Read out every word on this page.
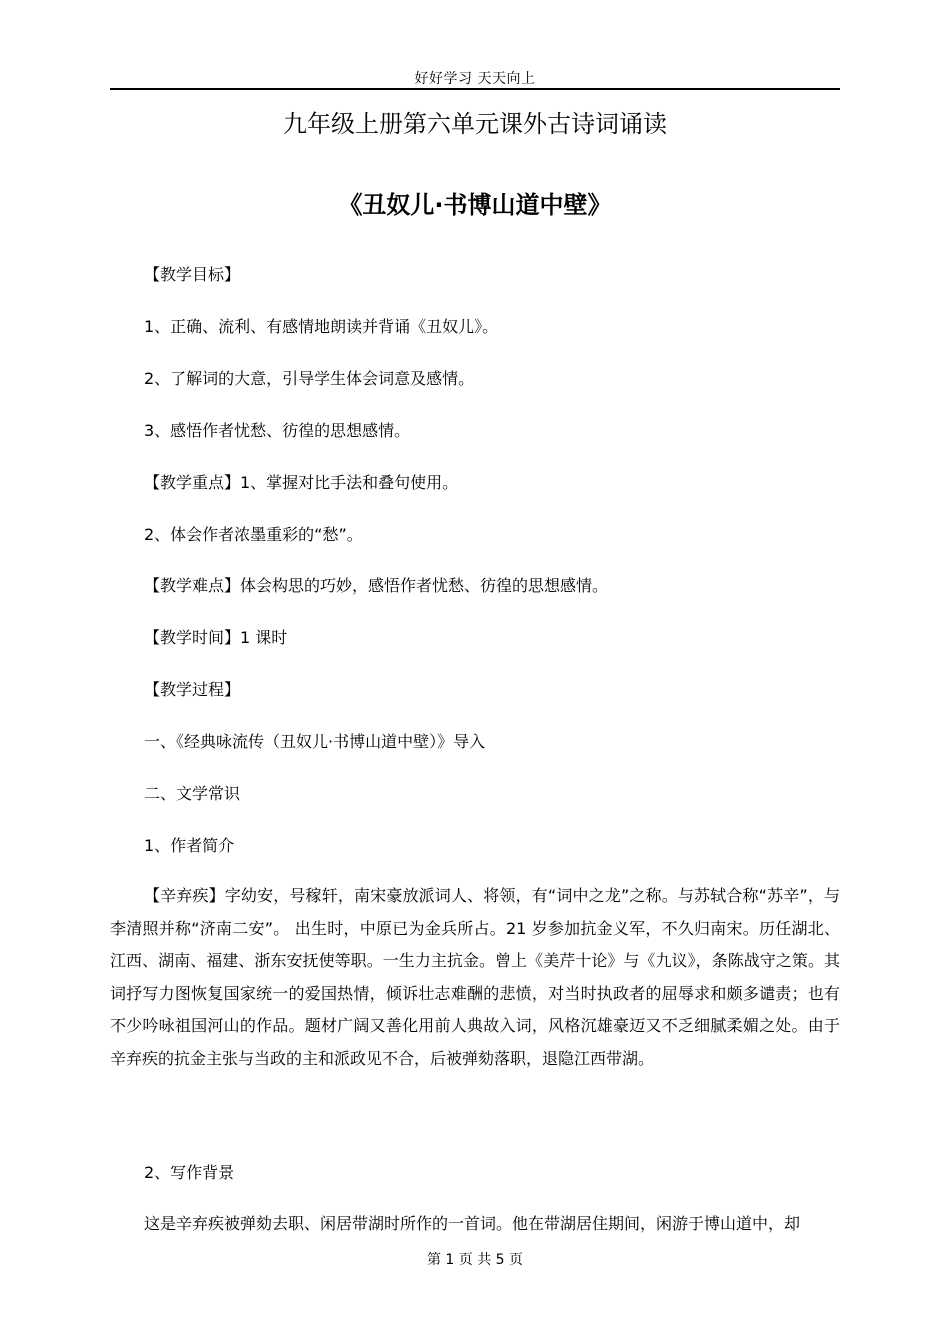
好好学习 天天向上
九年级上册第六单元课外古诗词诵读
《丑奴儿·书博山道中壁》
【教学目标】
1、正确、流利、有感情地朗读并背诵《丑奴儿》。
2、了解词的大意，引导学生体会词意及感情。
3、感悟作者忧愁、彷徨的思想感情。
【教学重点】1、掌握对比手法和叠句使用。
2、体会作者浓墨重彩的“愁”。
【教学难点】体会构思的巧妙，感悟作者忧愁、彷徨的思想感情。
【教学时间】1 课时
【教学过程】
一、《经典咏流传（丑奴儿·书博山道中壁）》导入
二、文学常识
1、作者简介
【辛弃疾】字幼安，号稼轩，南宋豪放派词人、将领，有“词中之龙”之称。与苏轼合称“苏辛”，与李清照并称“济南二安”。 出生时，中原已为金兵所占。21 岁参加抗金义军，不久归南宋。历任湖北、江西、湖南、福建、浙东安抚使等职。一生力主抗金。曾上《美芹十论》与《九议》，条陈战守之策。其词抒写力图恢复国家统一的爱国热情，倾诉壮志难酬的悲愤，对当时执政者的屈辱求和颇多谴责；也有不少吟咏祖国河山的作品。题材广阔又善化用前人典故入词，风格沉雄豪迈又不乏细腻柔媚之处。由于辛弃疾的抗金主张与当政的主和派政见不合，后被弹劾落职，退隐江西带湖。
2、写作背景
这是辛弃疾被弹劾去职、闲居带湖时所作的一首词。他在带湖居住期间，闲游于博山道中，却
第 1 页 共 5 页
